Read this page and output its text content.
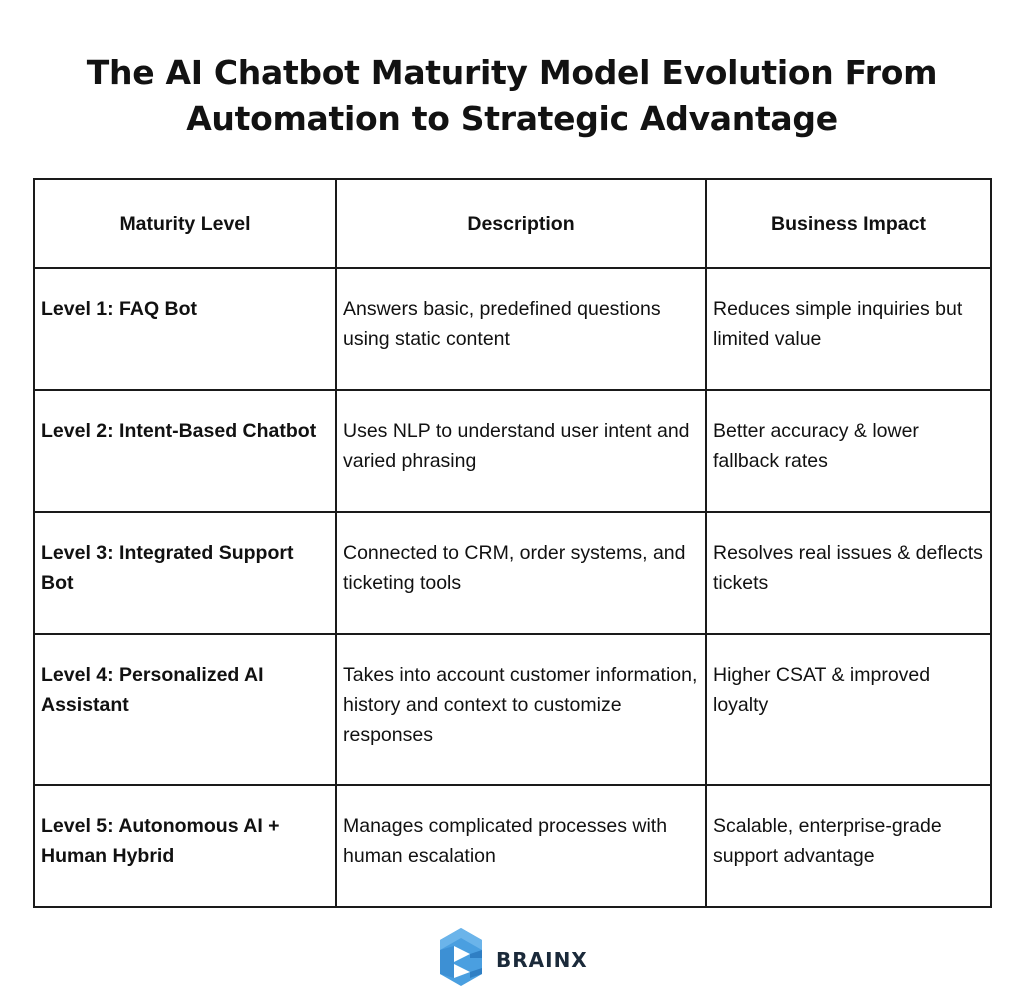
The AI Chatbot Maturity Model Evolution From
Automation to Strategic Advantage
Maturity Level	Description	Business Impact
Level 1: FAQ Bot	Answers basic, predefined questions using static content	Reduces simple inquiries but limited value
Level 2: Intent-Based Chatbot	Uses NLP to understand user intent and varied phrasing	Better accuracy & lower fallback rates
Level 3: Integrated Support Bot	Connected to CRM, order systems, and ticketing tools	Resolves real issues & deflects tickets
Level 4: Personalized AI Assistant	Takes into account customer information, history and context to customize responses	Higher CSAT & improved loyalty
Level 5: Autonomous AI + Human Hybrid	Manages complicated processes with human escalation	Scalable, enterprise-grade support advantage
BRAINX
